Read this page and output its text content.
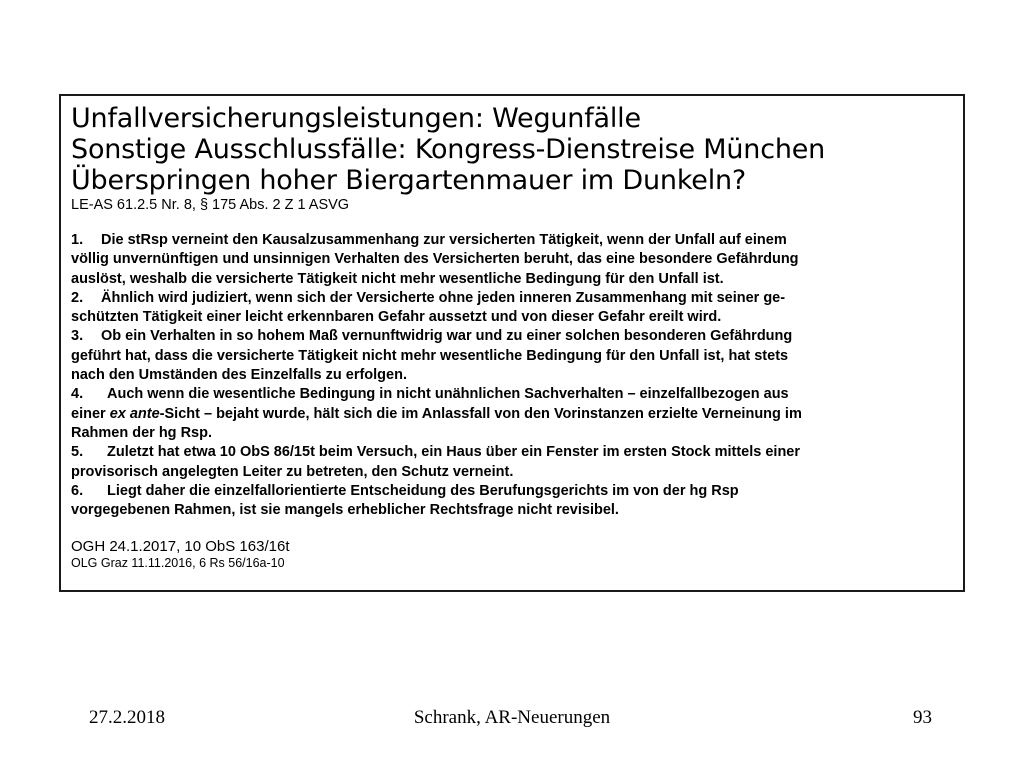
Unfallversicherungsleistungen: Wegunfälle
Sonstige Ausschlussfälle: Kongress-Dienstreise München
Überspringen hoher Biergartenmauer im Dunkeln?
LE-AS 61.2.5 Nr. 8, § 175 Abs. 2 Z 1 ASVG
1. Die stRsp verneint den Kausalzusammenhang zur versicherten Tätigkeit, wenn der Unfall auf einem
völlig unvernünftigen und unsinnigen Verhalten des Versicherten beruht, das eine besondere Gefährdung
auslöst, weshalb die versicherte Tätigkeit nicht mehr wesentliche Bedingung für den Unfall ist.
2. Ähnlich wird judiziert, wenn sich der Versicherte ohne jeden inneren Zusammenhang mit seiner ge-
schützten Tätigkeit einer leicht erkennbaren Gefahr aussetzt und von dieser Gefahr ereilt wird.
3. Ob ein Verhalten in so hohem Maß vernunftwidrig war und zu einer solchen besonderen Gefährdung
geführt hat, dass die versicherte Tätigkeit nicht mehr wesentliche Bedingung für den Unfall ist, hat stets
nach den Umständen des Einzelfalls zu erfolgen.
4. Auch wenn die wesentliche Bedingung in nicht unähnlichen Sachverhalten – einzelfallbezogen aus
einer ex ante-Sicht – bejaht wurde, hält sich die im Anlassfall von den Vorinstanzen erzielte Verneinung im
Rahmen der hg Rsp.
5. Zuletzt hat etwa 10 ObS 86/15t beim Versuch, ein Haus über ein Fenster im ersten Stock mittels einer
provisorisch angelegten Leiter zu betreten, den Schutz verneint.
6. Liegt daher die einzelfallorientierte Entscheidung des Berufungsgerichts im von der hg Rsp
vorgegebenen Rahmen, ist sie mangels erheblicher Rechtsfrage nicht revisibel.
OGH 24.1.2017, 10 ObS 163/16t
OLG Graz 11.11.2016, 6 Rs 56/16a-10
27.2.2018	Schrank, AR-Neuerungen	93
